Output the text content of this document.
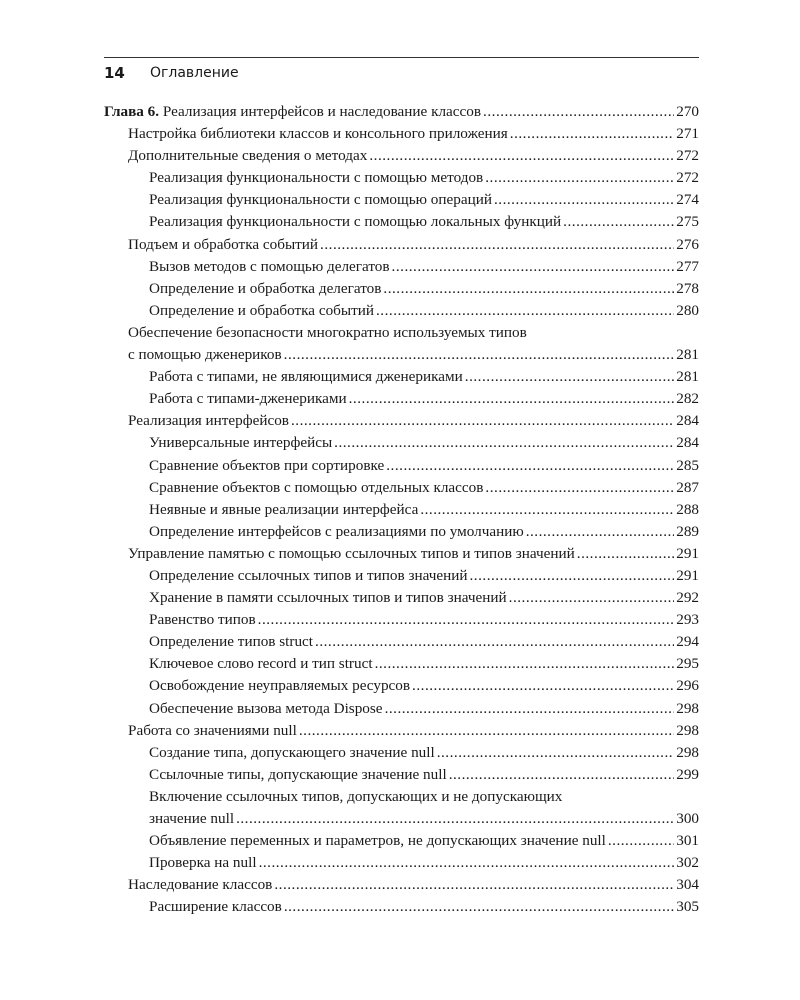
14 Оглавление
Глава 6. Реализация интерфейсов и наследование классов .....	270
Настройка библиотеки классов и консольного приложения .....	271
Дополнительные сведения о методах .....	272
Реализация функциональности с помощью методов .....	272
Реализация функциональности с помощью операций .....	274
Реализация функциональности с помощью локальных функций .....	275
Подъем и обработка событий .....	276
Вызов методов с помощью делегатов .....	277
Определение и обработка делегатов .....	278
Определение и обработка событий .....	280
Обеспечение безопасности многократно используемых типов
с помощью дженериков .....	281
Работа с типами, не являющимися дженериками .....	281
Работа с типами-дженериками .....	282
Реализация интерфейсов .....	284
Универсальные интерфейсы .....	284
Сравнение объектов при сортировке .....	285
Сравнение объектов с помощью отдельных классов .....	287
Неявные и явные реализации интерфейса .....	288
Определение интерфейсов с реализациями по умолчанию .....	289
Управление памятью с помощью ссылочных типов и типов значений .....	291
Определение ссылочных типов и типов значений .....	291
Хранение в памяти ссылочных типов и типов значений .....	292
Равенство типов .....	293
Определение типов struct .....	294
Ключевое слово record и тип struct .....	295
Освобождение неуправляемых ресурсов .....	296
Обеспечение вызова метода Dispose .....	298
Работа со значениями null .....	298
Создание типа, допускающего значение null .....	298
Ссылочные типы, допускающие значение null .....	299
Включение ссылочных типов, допускающих и не допускающих
значение null .....	300
Объявление переменных и параметров, не допускающих значение null .....	301
Проверка на null .....	302
Наследование классов .....	304
Расширение классов .....	305
